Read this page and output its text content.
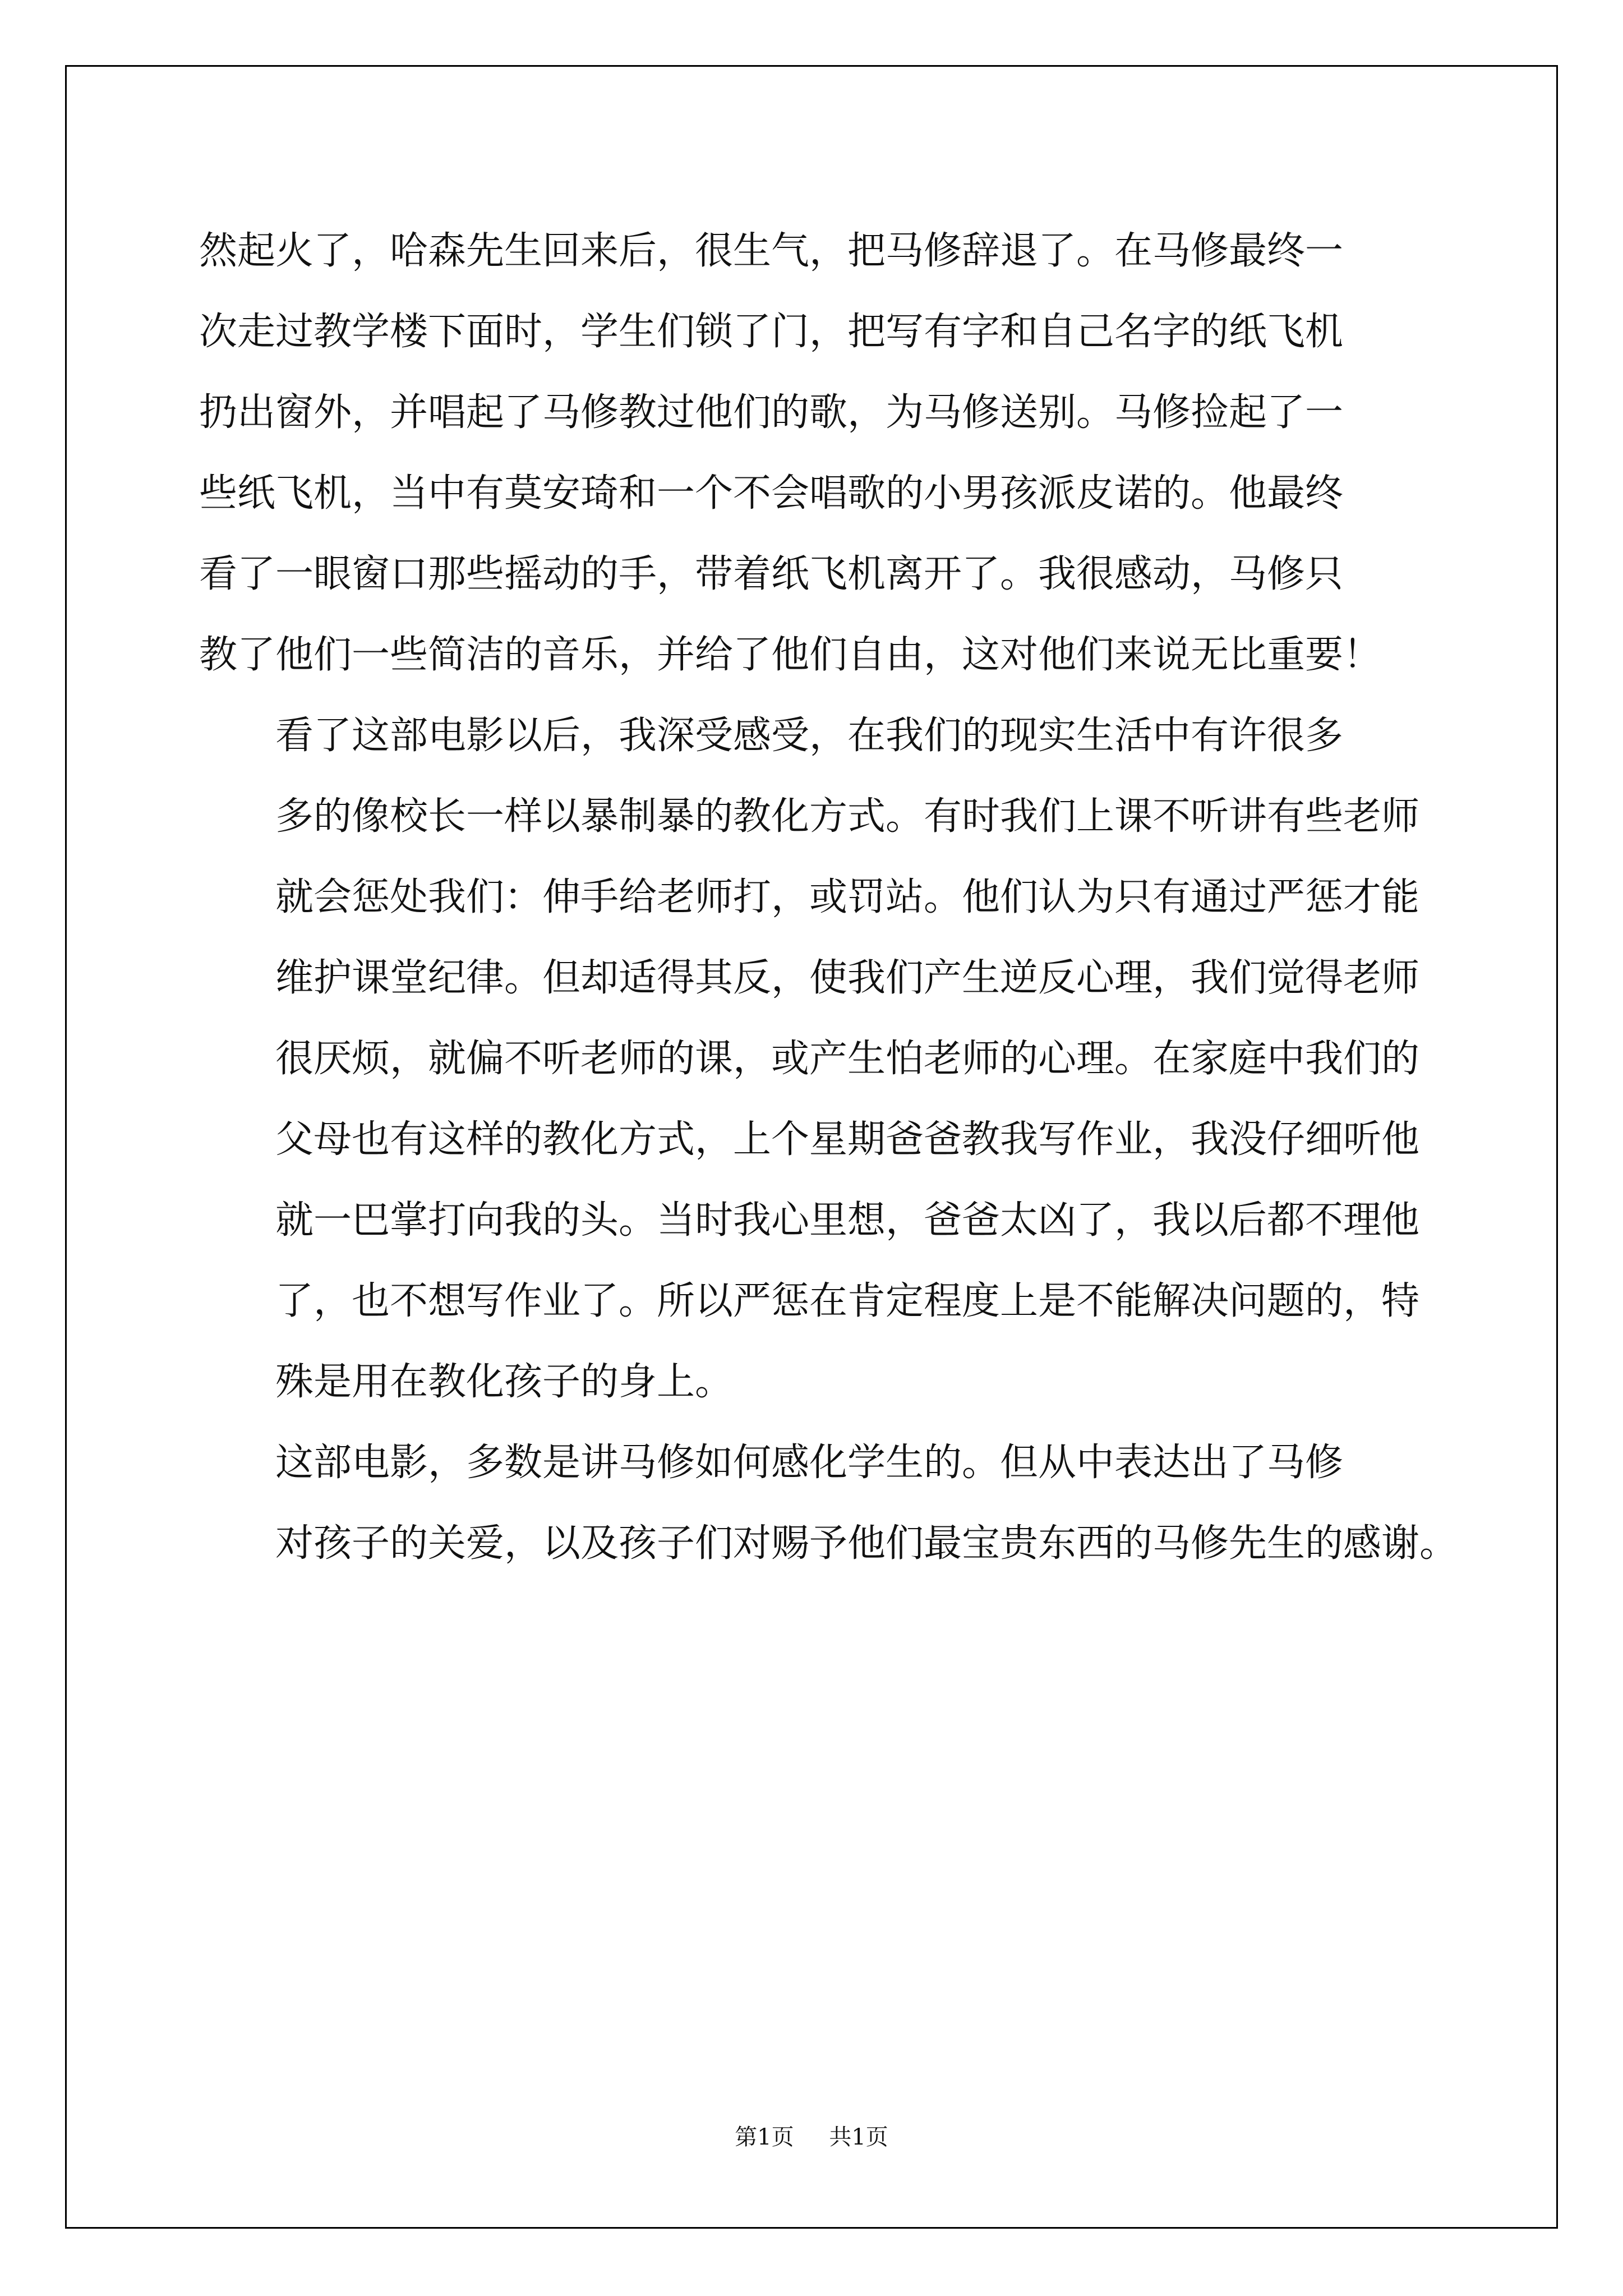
然起火了，哈森先生回来后，很生气，把马修辞退了。在马修最终一
次走过教学楼下面时，学生们锁了门，把写有字和自己名字的纸飞机
扔出窗外，并唱起了马修教过他们的歌，为马修送别。马修捡起了一
些纸飞机，当中有莫安琦和一个不会唱歌的小男孩派皮诺的。他最终
看了一眼窗口那些摇动的手，带着纸飞机离开了。我很感动，马修只
教了他们一些简洁的音乐，并给了他们自由，这对他们来说无比重要！
看了这部电影以后，我深受感受，在我们的现实生活中有许很多
多的像校长一样以暴制暴的教化方式。有时我们上课不听讲有些老师
就会惩处我们：伸手给老师打，或罚站。他们认为只有通过严惩才能
维护课堂纪律。但却适得其反，使我们产生逆反心理，我们觉得老师
很厌烦，就偏不听老师的课，或产生怕老师的心理。在家庭中我们的
父母也有这样的教化方式，上个星期爸爸教我写作业，我没仔细听他
就一巴掌打向我的头。当时我心里想，爸爸太凶了，我以后都不理他
了，也不想写作业了。所以严惩在肯定程度上是不能解决问题的，特
殊是用在教化孩子的身上。
这部电影，多数是讲马修如何感化学生的。但从中表达出了马修
对孩子的关爱，以及孩子们对赐予他们最宝贵东西的马修先生的感谢。
第1页 共1页
